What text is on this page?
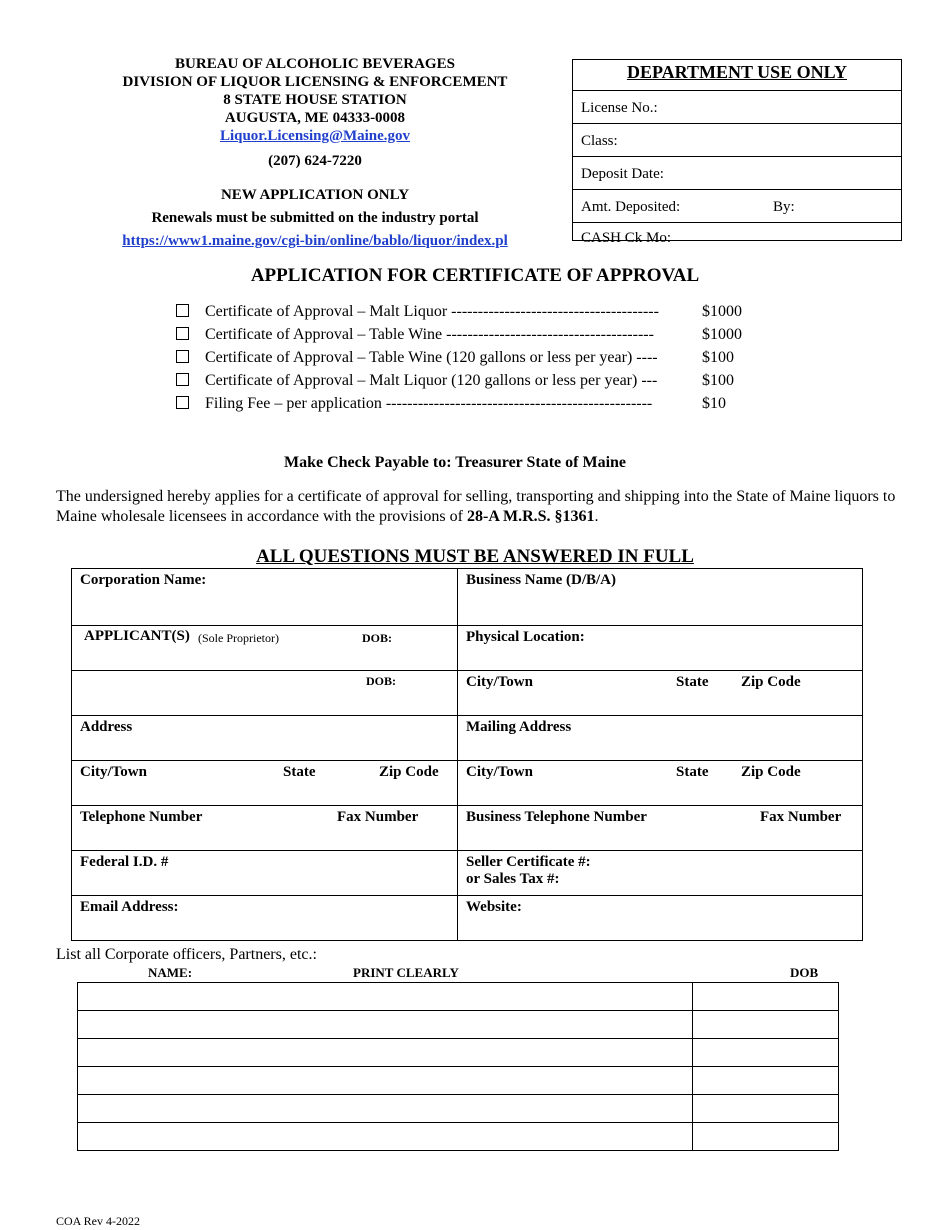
BUREAU OF ALCOHOLIC BEVERAGES
DIVISION OF LIQUOR LICENSING & ENFORCEMENT
8 STATE HOUSE STATION
AUGUSTA, ME 04333-0008
Liquor.Licensing@Maine.gov
(207) 624-7220
NEW APPLICATION ONLY
Renewals must be submitted on the industry portal
https://www1.maine.gov/cgi-bin/online/bablo/liquor/index.pl
DEPARTMENT USE ONLY
License No.:
Class:
Deposit Date:
Amt. Deposited:	By:
CASH Ck Mo:
APPLICATION FOR CERTIFICATE OF APPROVAL
Certificate of Approval – Malt Liquor ---------------------------------------	$1000
Certificate of Approval – Table Wine ---------------------------------------	$1000
Certificate of Approval – Table Wine (120 gallons or less per year) ----	$100
Certificate of Approval – Malt Liquor (120 gallons or less per year) ---	$100
Filing Fee – per application --------------------------------------------------	$10
Make Check Payable to: Treasurer State of Maine
The undersigned hereby applies for a certificate of approval for selling, transporting and shipping into the State of Maine liquors to Maine wholesale licensees in accordance with the provisions of 28-A M.R.S. §1361.
ALL QUESTIONS MUST BE ANSWERED IN FULL
Corporation Name:	Business Name (D/B/A)
APPLICANT(S) (Sole Proprietor)	DOB:	Physical Location:
DOB:	City/Town	State Zip Code
Address	Mailing Address
City/Town	State	Zip Code	City/Town	State Zip Code
Telephone Number	Fax Number	Business Telephone Number	Fax Number
Federal I.D. #	Seller Certificate #:
or Sales Tax #:
Email Address:	Website:
List all Corporate officers, Partners, etc.:
NAME:	PRINT CLEARLY	DOB

COA Rev 4-2022
